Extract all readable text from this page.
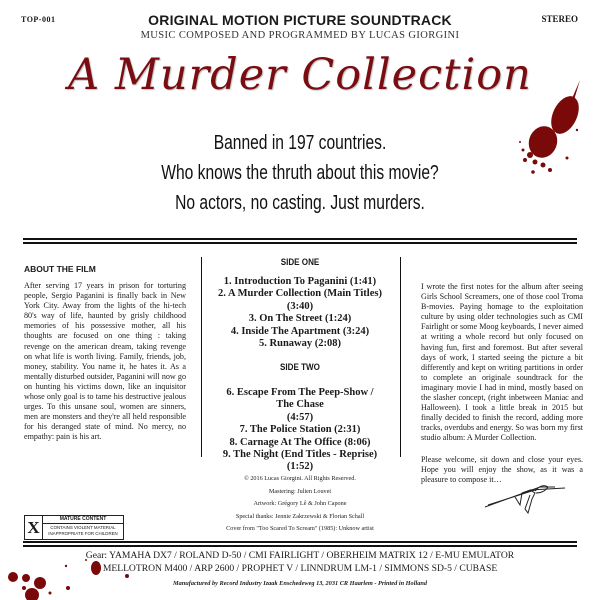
TOP-001	STEREO
ORIGINAL MOTION PICTURE SOUNDTRACK
MUSIC COMPOSED AND PROGRAMMED BY LUCAS GIORGINI
A Murder Collection
Banned in 197 countries.
Who knows the thruth about this movie?
No actors, no casting. Just murders.
ABOUT THE FILM
After serving 17 years in prison for torturing people, Sergio Paganini is finally back in New York City. Away from the lights of the hi-tech 80's way of life, haunted by grisly childhood memories of his possessive mother, all his thoughts are focused on one thing : taking revenge on the american dream, taking revenge on what life is worth living. Family, friends, job, money, stability. You name it, he hates it. As a mentally disturbed outsider, Paganini will now go on hunting his victims down, like an inquisitor whose only goal is to tame his destructive jealous urges. To this unsane soul, women are sinners, men are monsters and they're all held responsible for his deranged state of mind. No mercy, no empathy: pain is his art.
X	MATURE CONTENT
CONTAINS VIOLENT MATERIAL
INAPPROPRIATE FOR CHILDREN
SIDE ONE
1. Introduction To Paganini (1:41)
2. A Murder Collection (Main Titles)
(3:40)
3. On The Street (1:24)
4. Inside The Apartment (3:24)
5. Runaway (2:08)
SIDE TWO
6. Escape From The Peep-Show /
The Chase
(4:57)
7. The Police Station (2:31)
8. Carnage At The Office (8:06)
9. The Night (End Titles - Reprise)
(1:52)
© 2016 Lucas Giorgini. All Rights Reserved.
Mastering: Julien Louvet
Artwork: Grégory Lê & John Capone
Special thanks: Jennie Zakrzewski & Florian Schall
Cover from "Too Scared To Scream" (1985): Unknow artist

I wrote the first notes for the album after seeing Girls School Screamers, one of those cool Troma B-movies. Paying homage to the exploitation culture by using older technologies such as CMI Fairlight or some Moog keyboards, I never aimed at writing a whole record but only focused on having fun, first and foremost. But after several days of work, I started seeing the picture a bit differently and kept on writing partitions in order to complete an originale soundtrack for the imaginary movie I had in mind, mostly based on the slasher concept, (right inbetween Maniac and Halloween). I took a little break in 2015 but finally decided to finish the record, adding more tracks, overdubs and energy. So was born my first studio album: A Murder Collection.

Please welcome, sit down and close your eyes. Hope you will enjoy the show, as it was a pleasure to compose it…

Gear: YAMAHA DX7 / ROLAND D-50 / CMI FAIRLIGHT / OBERHEIM MATRIX 12 / E-MU EMULATOR
MELLOTRON M400 / ARP 2600 / PROPHET V / LINNDRUM LM-1 / SIMMONS SD-5 / CUBASE
Manufactured by Record Industry Izaak Enschedeweg 13, 2031 CR Haarlem - Printed in Holland
